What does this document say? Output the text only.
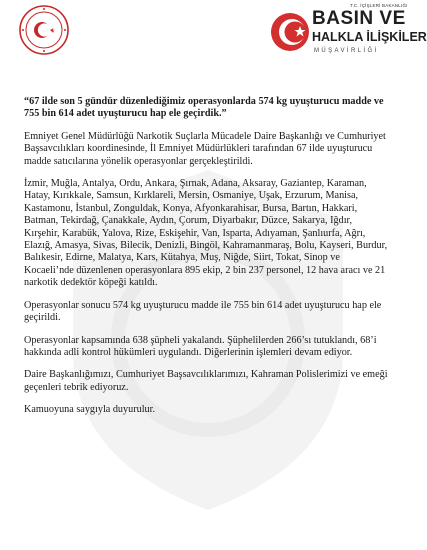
T.C. İÇİŞLERİ BAKANLIĞI
BASIN VE
HALKLA İLİŞKİLER
MÜŞAVİRLİĞİ

“67 ilde son 5 gündür düzenlediğimiz operasyonlarda 574 kg uyuşturucu madde ve 755 bin 614 adet uyuşturucu hap ele geçirdik.”

Emniyet Genel Müdürlüğü Narkotik Suçlarla Mücadele Daire Başkanlığı ve Cumhuriyet Başsavcılıkları koordinesinde, İl Emniyet Müdürlükleri tarafından 67 ilde uyuşturucu madde satıcılarına yönelik operasyonlar gerçekleştirildi.

İzmir, Muğla, Antalya, Ordu, Ankara, Şırnak, Adana, Aksaray, Gaziantep, Karaman, Hatay, Kırıkkale, Samsun, Kırklareli, Mersin, Osmaniye, Uşak, Erzurum, Manisa, Kastamonu, İstanbul, Zonguldak, Konya, Afyonkarahisar, Bursa, Bartın, Hakkari, Batman, Tekirdağ, Çanakkale, Aydın, Çorum, Diyarbakır, Düzce, Sakarya, Iğdır, Kırşehir, Karabük, Yalova, Rize, Eskişehir, Van, Isparta, Adıyaman, Şanlıurfa, Ağrı, Elazığ, Amasya, Sivas, Bilecik, Denizli, Bingöl, Kahramanmaraş, Bolu, Kayseri, Burdur, Balıkesir, Edirne, Malatya, Kars, Kütahya, Muş, Niğde, Siirt, Tokat, Sinop ve Kocaeli’nde düzenlenen operasyonlara 895 ekip, 2 bin 237 personel, 12 hava aracı ve 21 narkotik dedektör köpeği katıldı.

Operasyonlar sonucu 574 kg uyuşturucu madde ile 755 bin 614 adet uyuşturucu hap ele geçirildi.

Operasyonlar kapsamında 638 şüpheli yakalandı. Şüphelilerden 266’sı tutuklandı, 68’i hakkında adli kontrol hükümleri uygulandı. Diğerlerinin işlemleri devam ediyor.

Daire Başkanlığımızı, Cumhuriyet Başsavcılıklarımızı, Kahraman Polislerimizi ve emeği geçenleri tebrik ediyoruz.

Kamuoyuna saygıyla duyurulur.
